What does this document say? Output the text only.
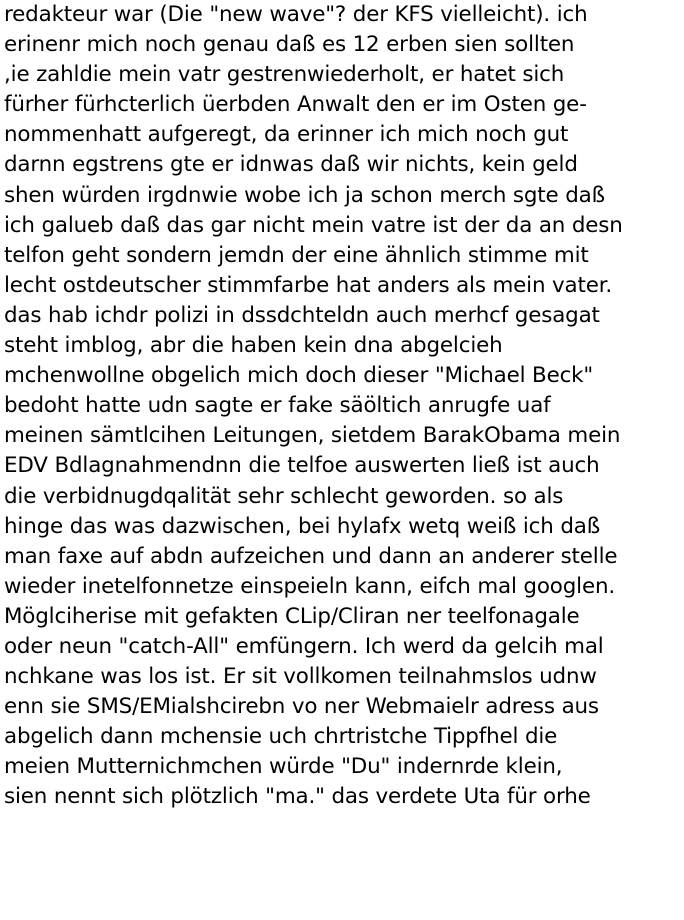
redakteur war (Die "new wave"? der KFS vielleicht). ich
erinenr mich noch genau daß es 12 erben sien sollten
,ie zahldie mein vatr gestrenwiederholt, er hatet sich
fürher fürhcterlich üerbden Anwalt den er im Osten ge-
nommenhatt aufgeregt, da erinner ich mich noch gut
darnn egstrens gte er idnwas daß wir nichts, kein geld
shen würden irgdnwie wobe ich ja schon merch sgte daß
ich galueb daß das gar nicht mein vatre ist der da an desn
telfon geht sondern jemdn der eine ähnlich stimme mit
lecht ostdeutscher stimmfarbe hat anders als mein vater.
das hab ichdr polizi in dssdchteldn auch merhcf gesagat
steht imblog, abr die haben kein dna abgelcieh
mchenwollne obgelich mich doch dieser "Michael Beck"
bedoht hatte udn sagte er fake säöltich anrugfe uaf
meinen sämtlcihen Leitungen, sietdem BarakObama mein
EDV Bdlagnahmendnn die telfoe auswerten ließ ist auch
die verbidnugdqalität sehr schlecht geworden. so als
hinge das was dazwischen, bei hylafx wetq weiß ich daß
man faxe auf abdn aufzeichen und dann an anderer stelle
wieder inetelfonnetze einspeieln kann, eifch mal googlen.
Möglciherise mit gefakten CLip/Cliran ner teelfonagale
oder neun "catch-All" emfüngern. Ich werd da gelcih mal
nchkane was los ist. Er sit vollkomen teilnahmslos udnw
enn sie SMS/EMialshcirebn vo ner Webmaielr adress aus
abgelich dann mchensie uch chrtristche Tippfhel die
meien Mutternichmchen würde "Du" indernrde klein,
sien nennt sich plötzlich "ma." das verdete Uta für orhe
